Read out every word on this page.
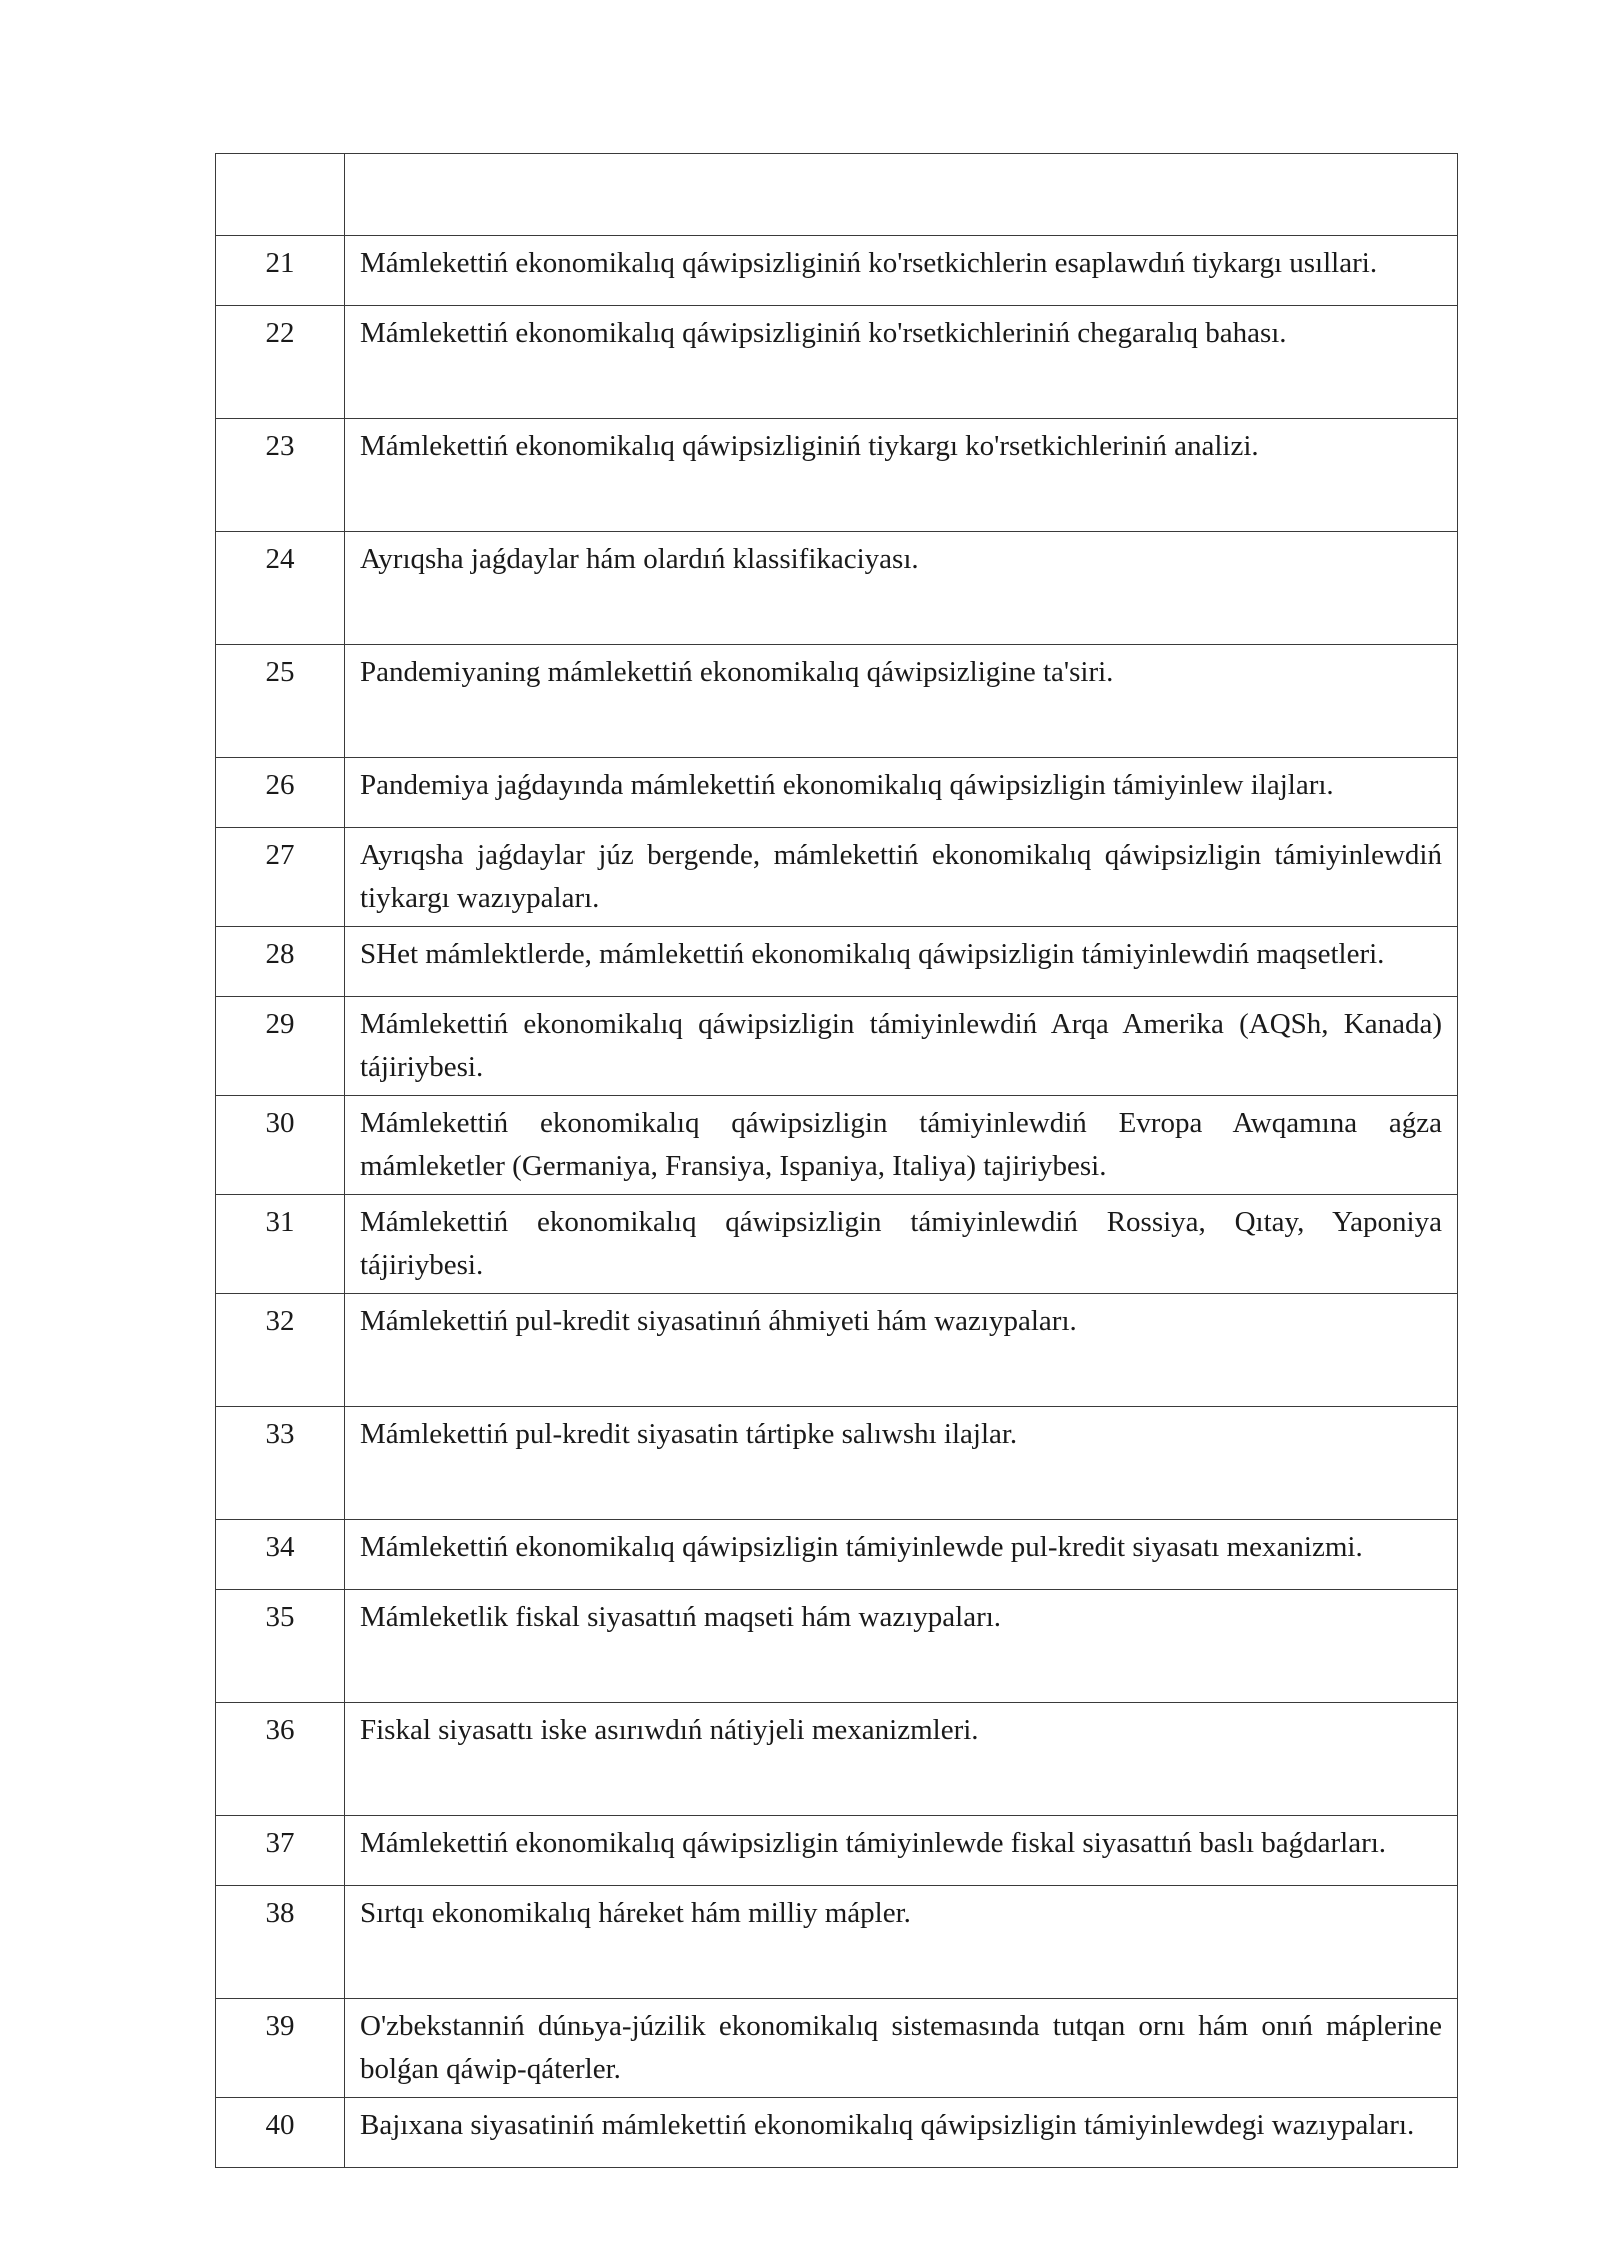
21	Mámlekettiń ekonomikalıq qáwipsizliginiń ko'rsetkichlerin esaplawdıń tiykargı usıllari.
22	Mámlekettiń ekonomikalıq qáwipsizliginiń ko'rsetkichleriniń chegaralıq bahası.
23	Mámlekettiń ekonomikalıq qáwipsizliginiń tiykargı ko'rsetkichleriniń analizi.
24	Ayrıqsha jaǵdaylar hám olardıń klassifikaciyası.
25	Pandemiyaning mámlekettiń ekonomikalıq qáwipsizligine ta'siri.
26	Pandemiya jaǵdayında mámlekettiń ekonomikalıq qáwipsizligin támiyinlew ilajları.
27	Ayrıqsha jaǵdaylar júz bergende, mámlekettiń ekonomikalıq qáwipsizligin támiyinlewdiń tiykargı wazıypaları.
28	SHet mámlektlerde, mámlekettiń ekonomikalıq qáwipsizligin támiyinlewdiń maqsetleri.
29	Mámlekettiń ekonomikalıq qáwipsizligin támiyinlewdiń Arqa Amerika (AQSh, Kanada) tájiriybesi.
30	Mámlekettiń ekonomikalıq qáwipsizligin támiyinlewdiń Evropa Awqamına aǵza mámleketler (Germaniya, Fransiya, Ispaniya, Italiya) tajiriybesi.
31	Mámlekettiń ekonomikalıq qáwipsizligin támiyinlewdiń Rossiya, Qıtay, Yaponiya tájiriybesi.
32	Mámlekettiń pul-kredit siyasatinıń áhmiyeti hám wazıypaları.
33	Mámlekettiń pul-kredit siyasatin tártipke salıwshı ilajlar.
34	Mámlekettiń ekonomikalıq qáwipsizligin támiyinlewde pul-kredit siyasatı mexanizmi.
35	Mámleketlik fiskal siyasattıń maqseti hám wazıypaları.
36	Fiskal siyasattı iske asırıwdıń nátiyjeli mexanizmleri.
37	Mámlekettiń ekonomikalıq qáwipsizligin támiyinlewde fiskal siyasattıń baslı baǵdarları.
38	Sırtqı ekonomikalıq háreket hám milliy mápler.
39	O'zbekstanniń dúnьya-júzilik ekonomikalıq sistemasında tutqan ornı hám onıń máplerine bolǵan qáwip-qáterler.
40	Bajıxana siyasatiniń mámlekettiń ekonomikalıq qáwipsizligin támiyinlewdegi wazıypaları.
